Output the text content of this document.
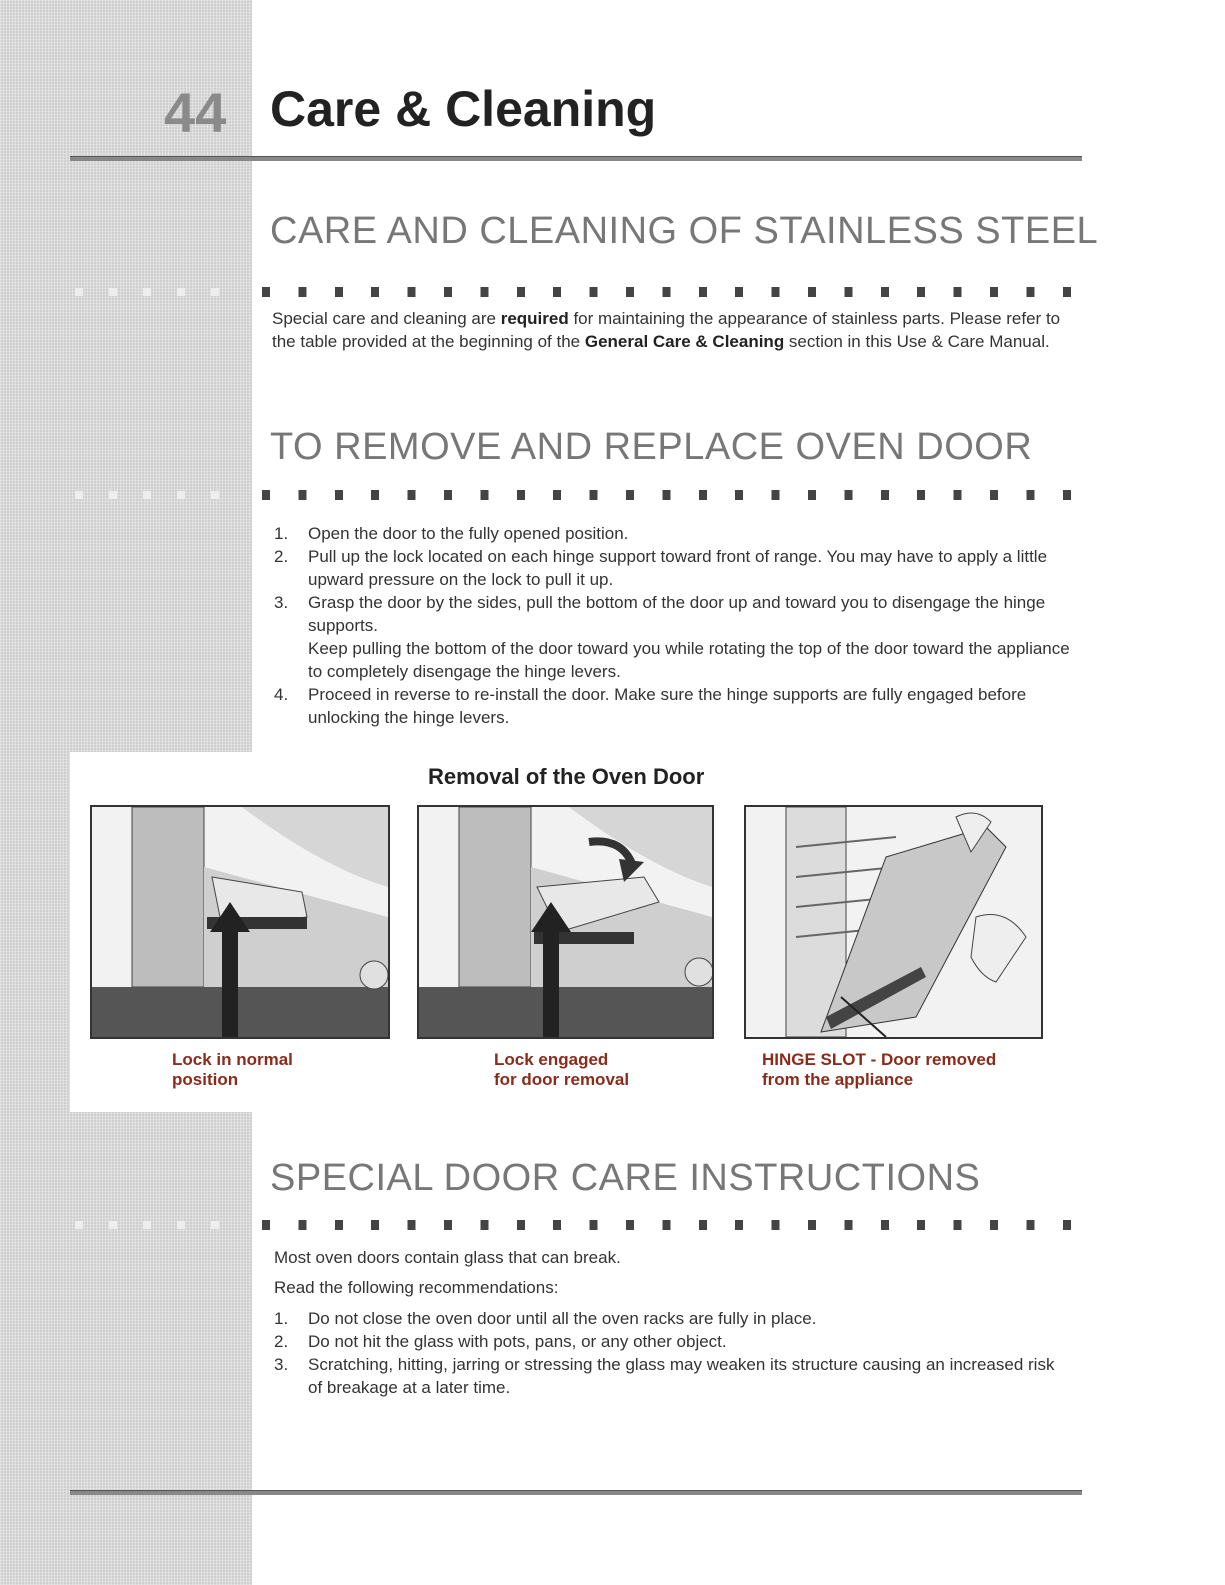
44 Care & Cleaning
CARE AND CLEANING OF STAINLESS STEEL

Special care and cleaning are required for maintaining the appearance of stainless parts. Please refer to the table provided at the beginning of the General Care & Cleaning section in this Use & Care Manual.

TO REMOVE AND REPLACE OVEN DOOR
1. Open the door to the fully opened position.
2. Pull up the lock located on each hinge support toward front of range. You may have to apply a little upward pressure on the lock to pull it up.
3. Grasp the door by the sides, pull the bottom of the door up and toward you to disengage the hinge supports.
Keep pulling the bottom of the door toward you while rotating the top of the door toward the appliance to completely disengage the hinge levers.
4. Proceed in reverse to re-install the door. Make sure the hinge supports are fully engaged before unlocking the hinge levers.
Removal of the Oven Door
Lock in normal
position
Lock engaged
for door removal
HINGE SLOT - Door removed
from the appliance
SPECIAL DOOR CARE INSTRUCTIONS

Most oven doors contain glass that can break.

Read the following recommendations:

1. Do not close the oven door until all the oven racks are fully in place.
2. Do not hit the glass with pots, pans, or any other object.
3. Scratching, hitting, jarring or stressing the glass may weaken its structure causing an increased risk of breakage at a later time.
